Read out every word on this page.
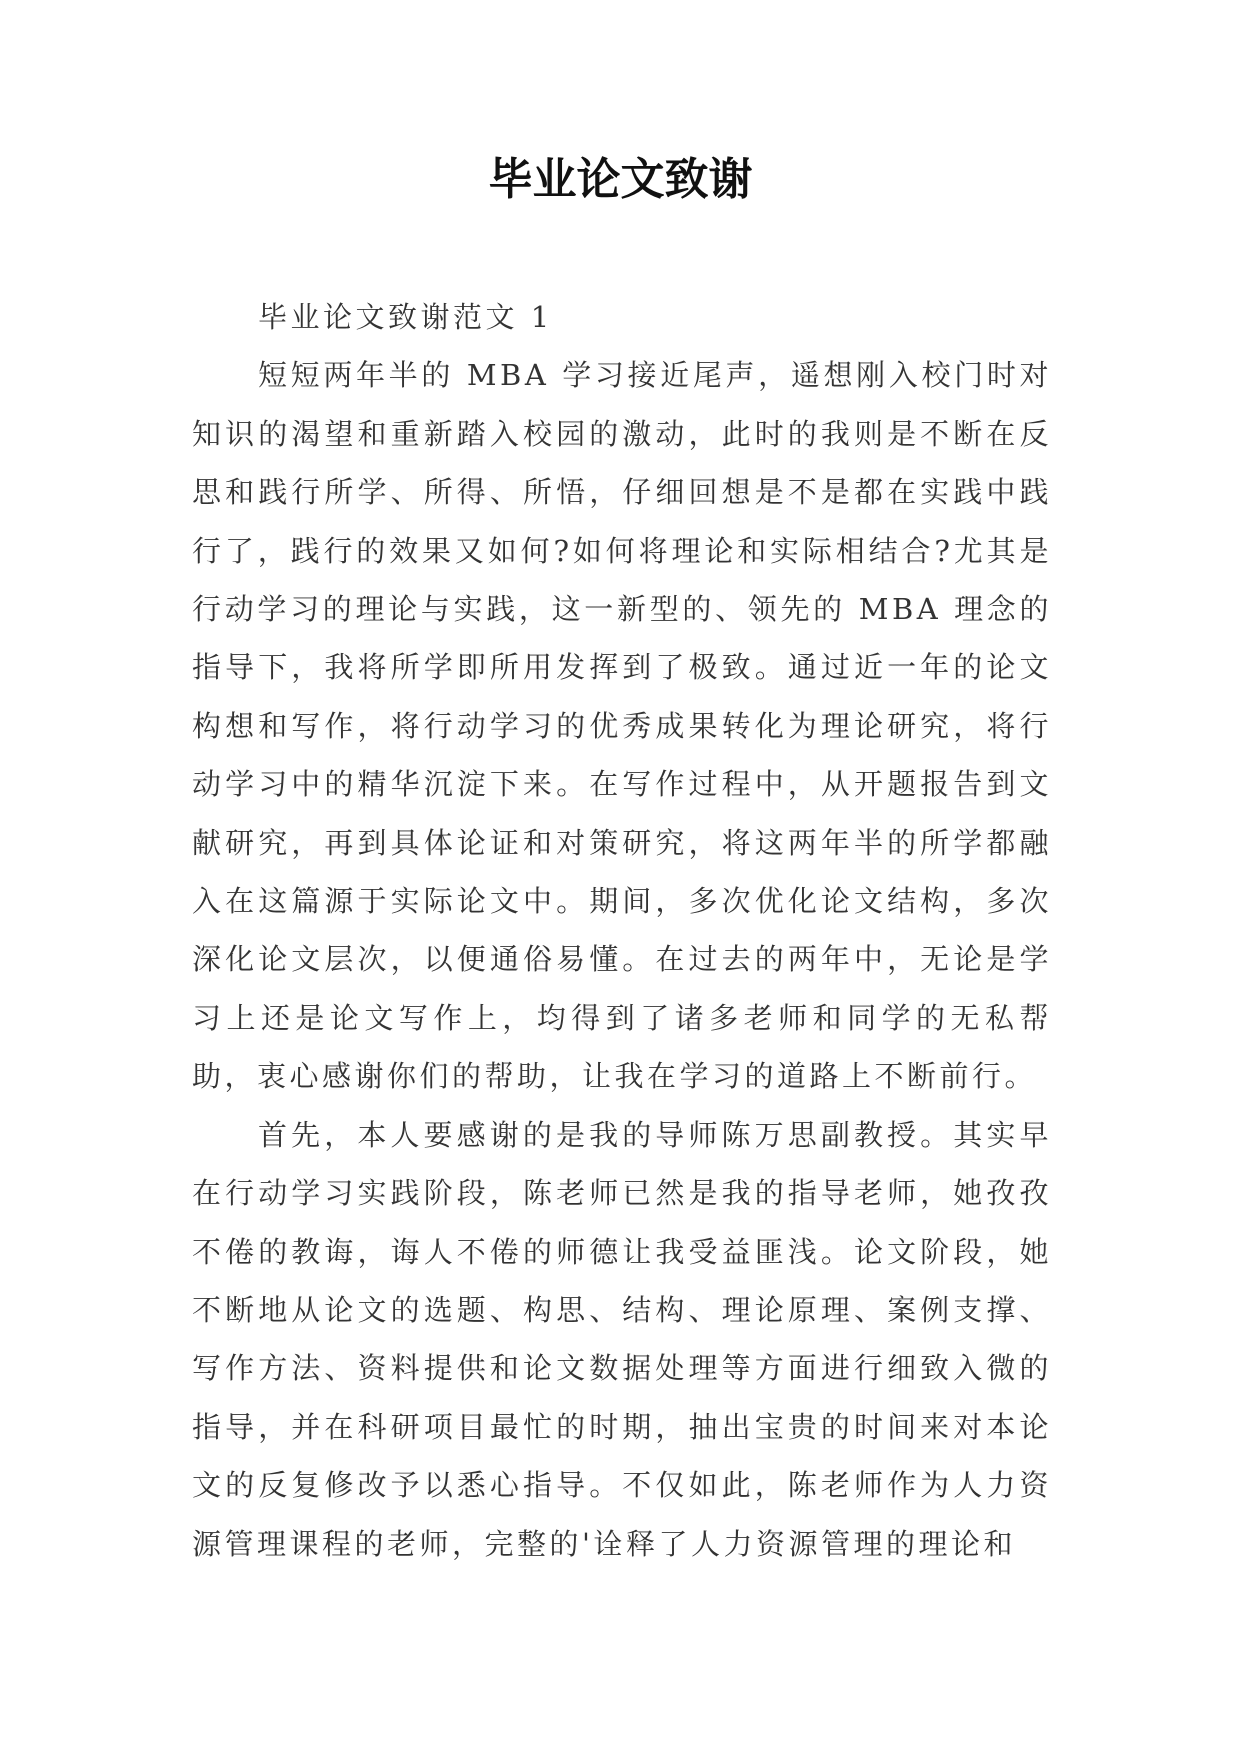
毕业论文致谢

毕业论文致谢范文 1

短短两年半的 MBA 学习接近尾声，遥想刚入校门时对知识的渴望和重新踏入校园的激动，此时的我则是不断在反思和践行所学、所得、所悟，仔细回想是不是都在实践中践行了，践行的效果又如何?如何将理论和实际相结合?尤其是行动学习的理论与实践，这一新型的、领先的 MBA 理念的指导下，我将所学即所用发挥到了极致。通过近一年的论文构想和写作，将行动学习的优秀成果转化为理论研究，将行动学习中的精华沉淀下来。在写作过程中，从开题报告到文献研究，再到具体论证和对策研究，将这两年半的所学都融入在这篇源于实际论文中。期间，多次优化论文结构，多次深化论文层次，以便通俗易懂。在过去的两年中，无论是学习上还是论文写作上，均得到了诸多老师和同学的无私帮助，衷心感谢你们的帮助，让我在学习的道路上不断前行。

首先，本人要感谢的是我的导师陈万思副教授。其实早在行动学习实践阶段，陈老师已然是我的指导老师，她孜孜不倦的教诲，诲人不倦的师德让我受益匪浅。论文阶段，她不断地从论文的选题、构思、结构、理论原理、案例支撑、写作方法、资料提供和论文数据处理等方面进行细致入微的指导，并在科研项目最忙的时期，抽出宝贵的时间来对本论文的反复修改予以悉心指导。不仅如此，陈老师作为人力资源管理课程的老师，完整的'诠释了人力资源管理的理论和
